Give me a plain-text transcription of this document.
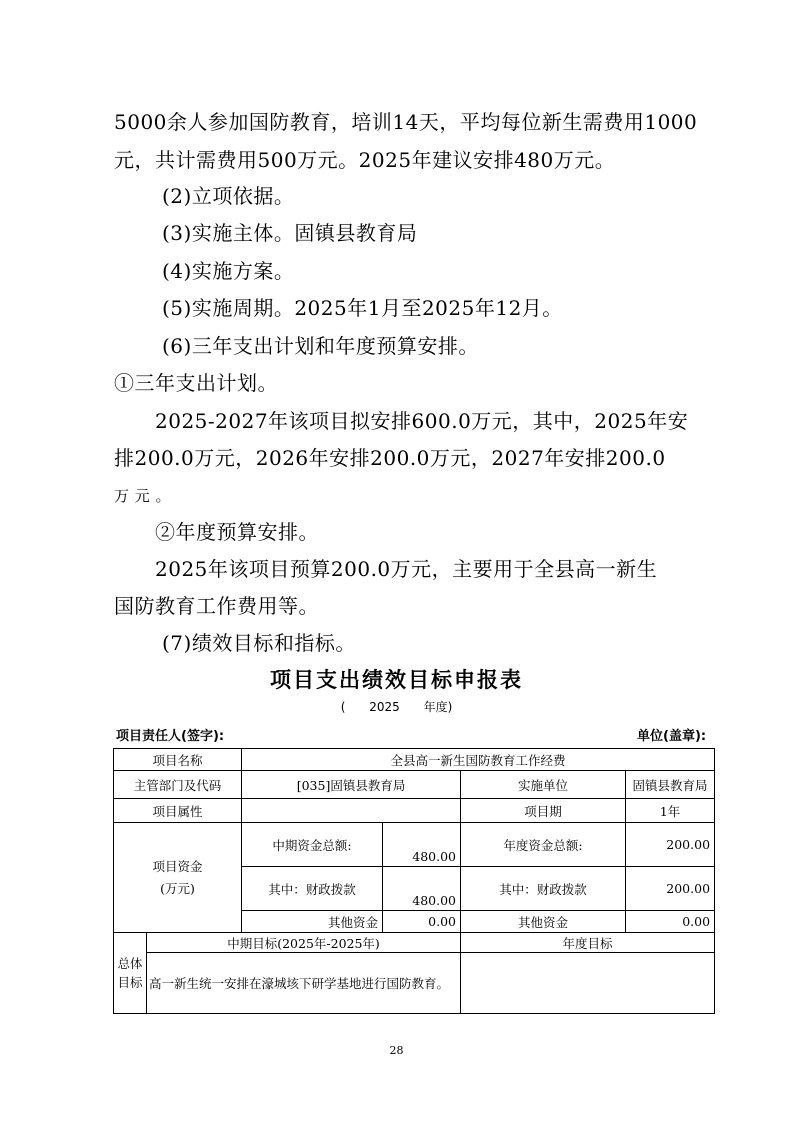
5000余人参加国防教育，培训14天，平均每位新生需费用1000
元，共计需费用500万元。2025年建议安排480万元。
(2)立项依据。
(3)实施主体。固镇县教育局
(4)实施方案。
(5)实施周期。2025年1月至2025年12月。
(6)三年支出计划和年度预算安排。
①三年支出计划。
2025-2027年该项目拟安排600.0万元，其中，2025年安
排200.0万元，2026年安排200.0万元，2027年安排200.0
万 元 。
②年度预算安排。
2025年该项目预算200.0万元，主要用于全县高一新生
国防教育工作费用等。
(7)绩效目标和指标。
项目支出绩效目标申报表
( 2025 年度)
项目责任人(签字):	单位(盖章):
项目名称		全县高一新生国防教育工作经费			
主管部门及代码		[035]固镇县教育局		实施单位	固镇县教育局
项目属性				项目期	1年

项目资金
(万元)		中期资金总额:	480.00	年度资金总额:	200.00
		其中：财政拨款	480.00	其中：财政拨款	200.00
		其他资金	0.00	其他资金	0.00
总体目标	中期目标(2025年-2025年)			年度目标	
	高一新生统一安排在濠城垓下研学基地进行国防教育。				
28
